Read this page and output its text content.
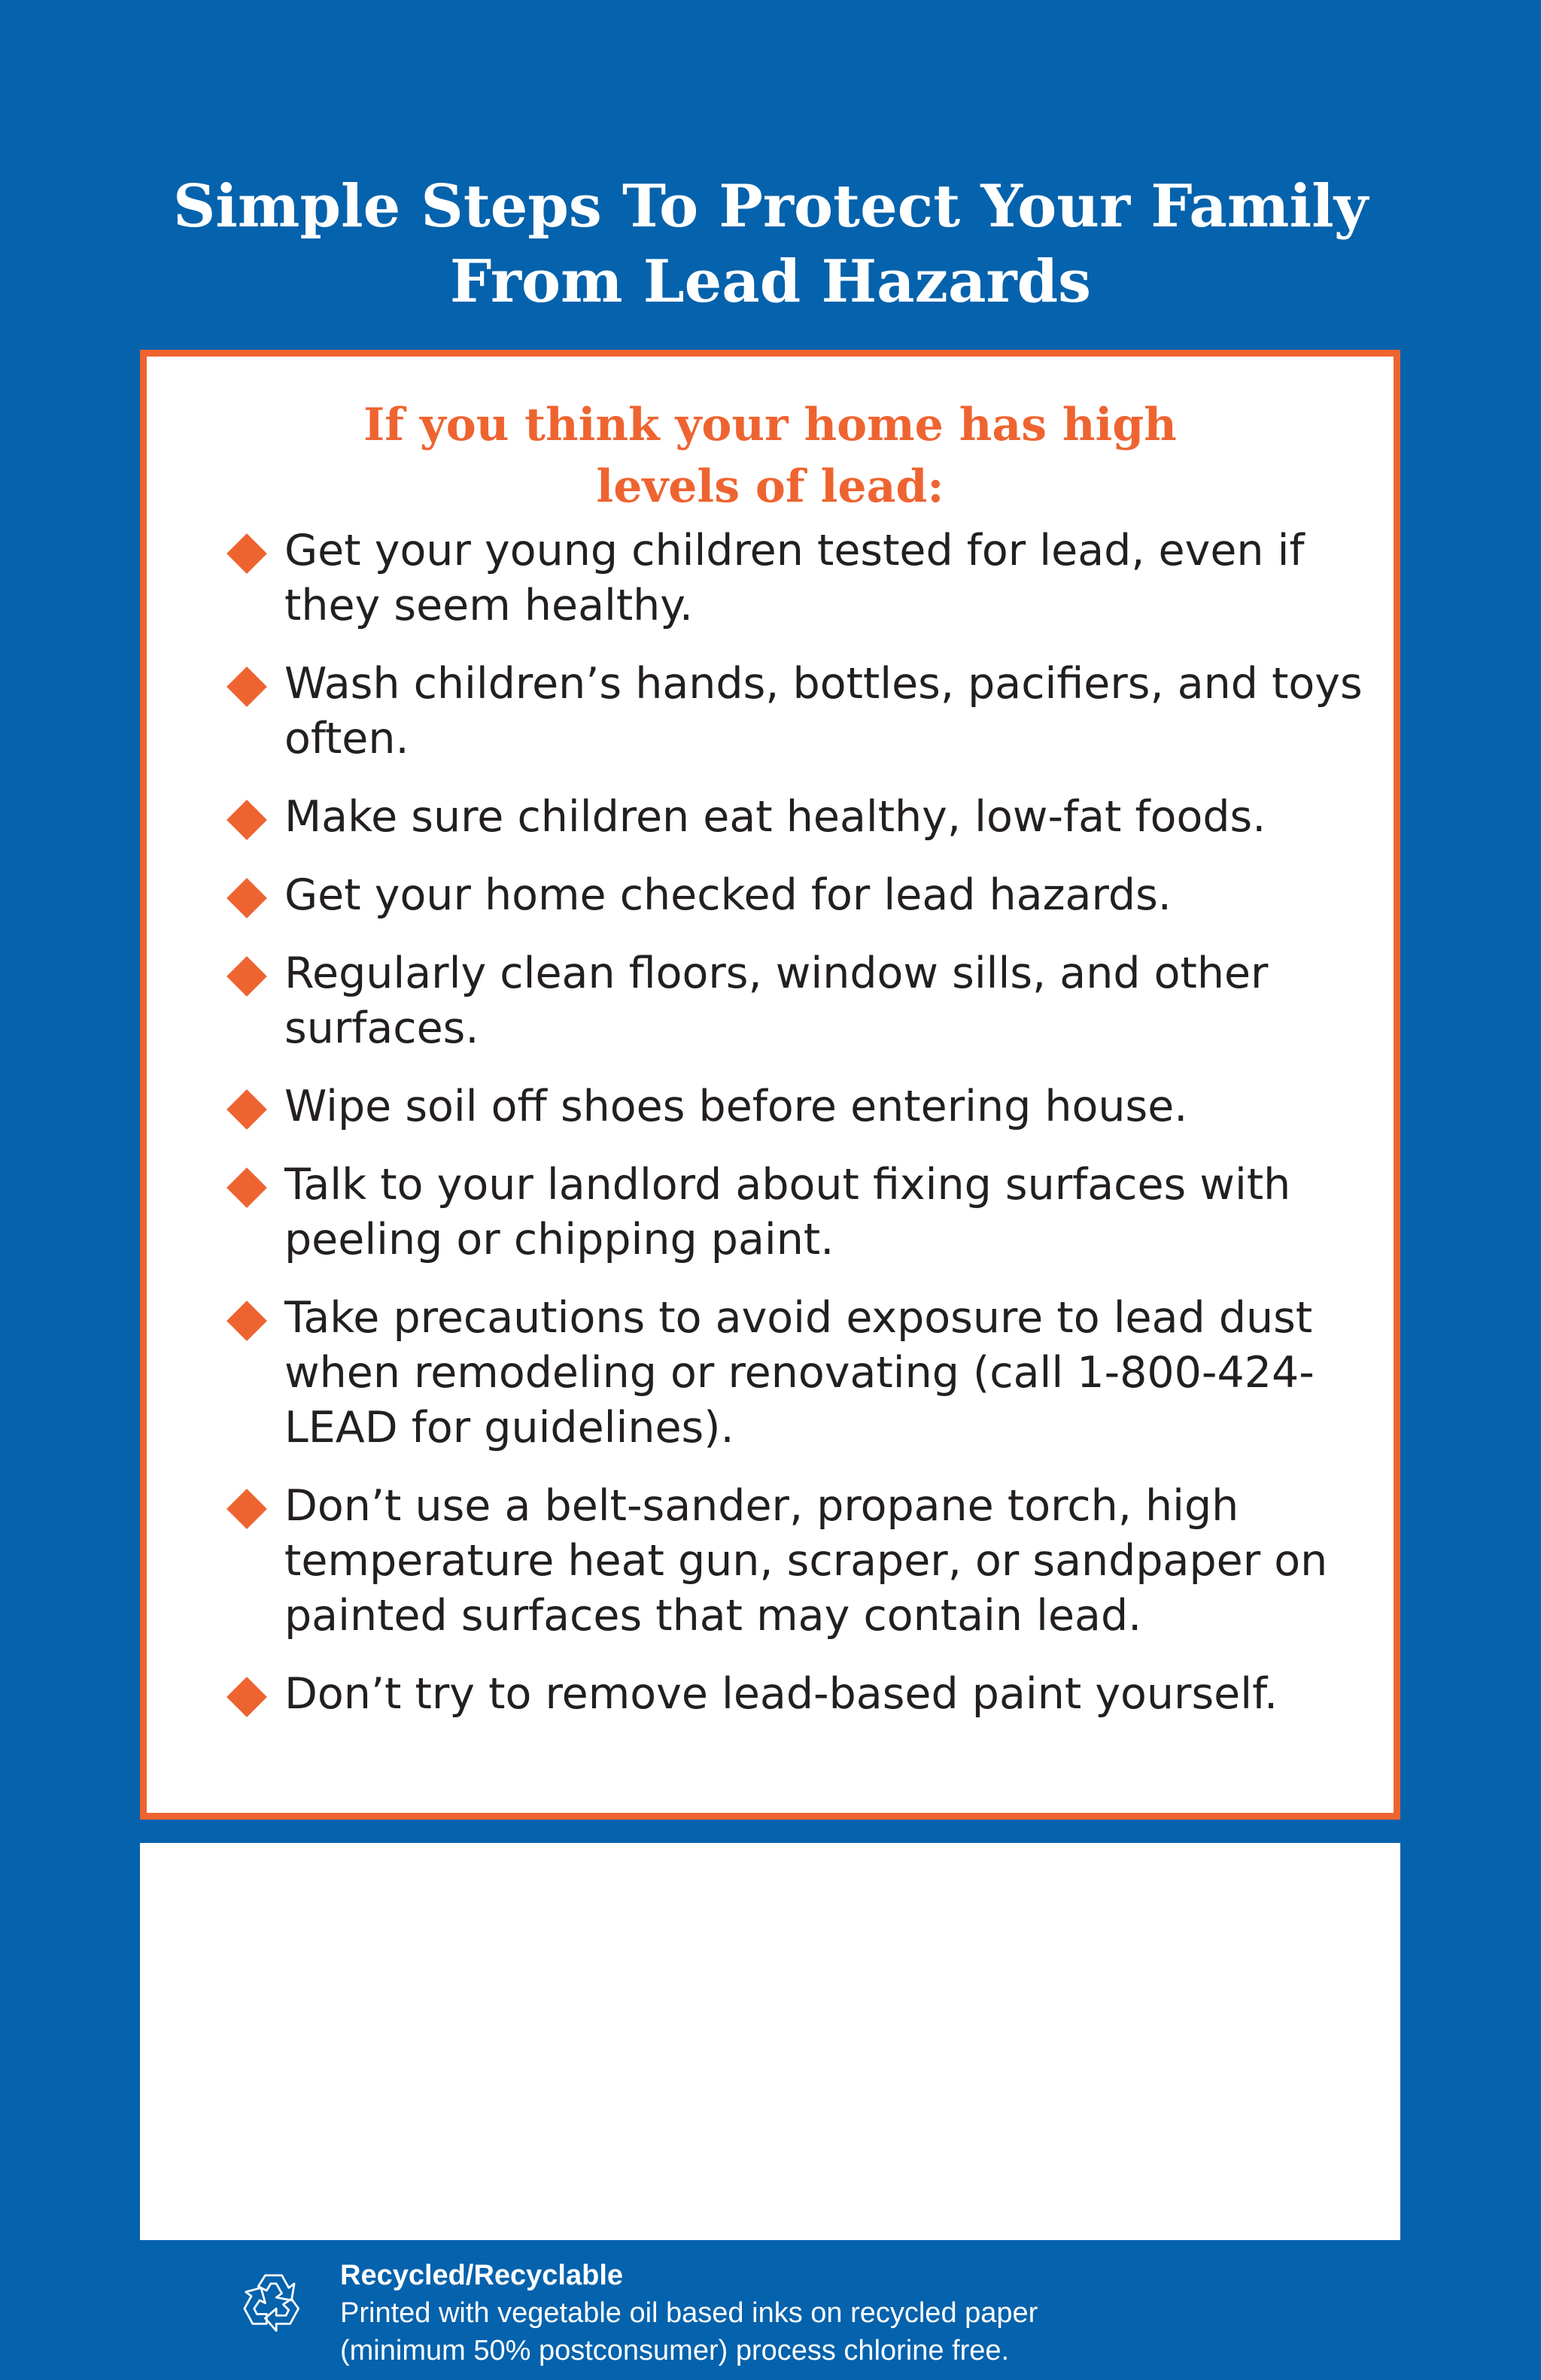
Simple Steps To Protect Your Family
From Lead Hazards
If you think your home has high
levels of lead:
Get your young children tested for lead, even if they seem healthy.
Wash children’s hands, bottles, pacifiers, and toys often.
Make sure children eat healthy, low-fat foods.
Get your home checked for lead hazards.
Regularly clean floors, window sills, and other surfaces.
Wipe soil off shoes before entering house.
Talk to your landlord about fixing surfaces with peeling or chipping paint.
Take precautions to avoid exposure to lead dust when remodeling or renovating (call 1-800-424-LEAD for guidelines).
Don’t use a belt-sander, propane torch, high temperature heat gun, scraper, or sandpaper on painted surfaces that may contain lead.
Don’t try to remove lead-based paint yourself.
Recycled/Recyclable
Printed with vegetable oil based inks on recycled paper
(minimum 50% postconsumer) process chlorine free.
